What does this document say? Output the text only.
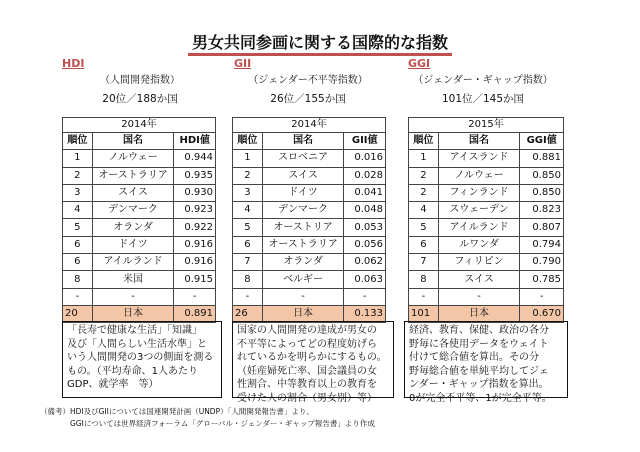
男女共同参画に関する国際的な指数
HDI
（人間開発指数）
20位／188か国
2014年		
順位	国名	HDI値
1	ノルウェー	0.944
2	オーストラリア	0.935
3	スイス	0.930
4	デンマーク	0.923
5	オランダ	0.922
6	ドイツ	0.916
6	アイルランド	0.916
8	米国	0.915
-	-	-
20	日本	0.891
GII
（ジェンダー不平等指数）
26位／155か国
2014年		
順位	国名	GII値
1	スロベニア	0.016
2	スイス	0.028
3	ドイツ	0.041
4	デンマーク	0.048
5	オーストリア	0.053
6	オーストラリア	0.056
7	オランダ	0.062
8	ベルギー	0.063
-	-	-
26	日本	0.133
GGI
（ジェンダー・ギャップ指数）
101位／145か国
2015年		
順位	国名	GGI値
1	アイスランド	0.881
2	ノルウェー	0.850
2	フィンランド	0.850
4	スウェーデン	0.823
5	アイルランド	0.807
6	ルワンダ	0.794
7	フィリピン	0.790
8	スイス	0.785
-	-	-
101	日本	0.670
「長寿で健康な生活」「知識」
及び「人間らしい生活水準」と
いう人間開発の3つの側面を測る
もの。（平均寿命、1人あたり
GDP、就学率　等）
国家の人間開発の達成が男女の
不平等によってどの程度妨げら
れているかを明らかにするもの。
（妊産婦死亡率、国会議員の女
性割合、中等教育以上の教育を
受けた人の割合（男女別）等）
経済、教育、保健、政治の各分
野毎に各使用データをウェイト
付けて総合値を算出。その分
野毎総合値を単純平均してジェ
ンダー・ギャップ指数を算出。
0が完全不平等、1が完全平等。
（備考）HDI及びGIIについては国連開発計画（UNDP）「人間開発報告書」より、
GGIについては世界経済フォーラム「グローバル・ジェンダー・ギャップ報告書」より作成
